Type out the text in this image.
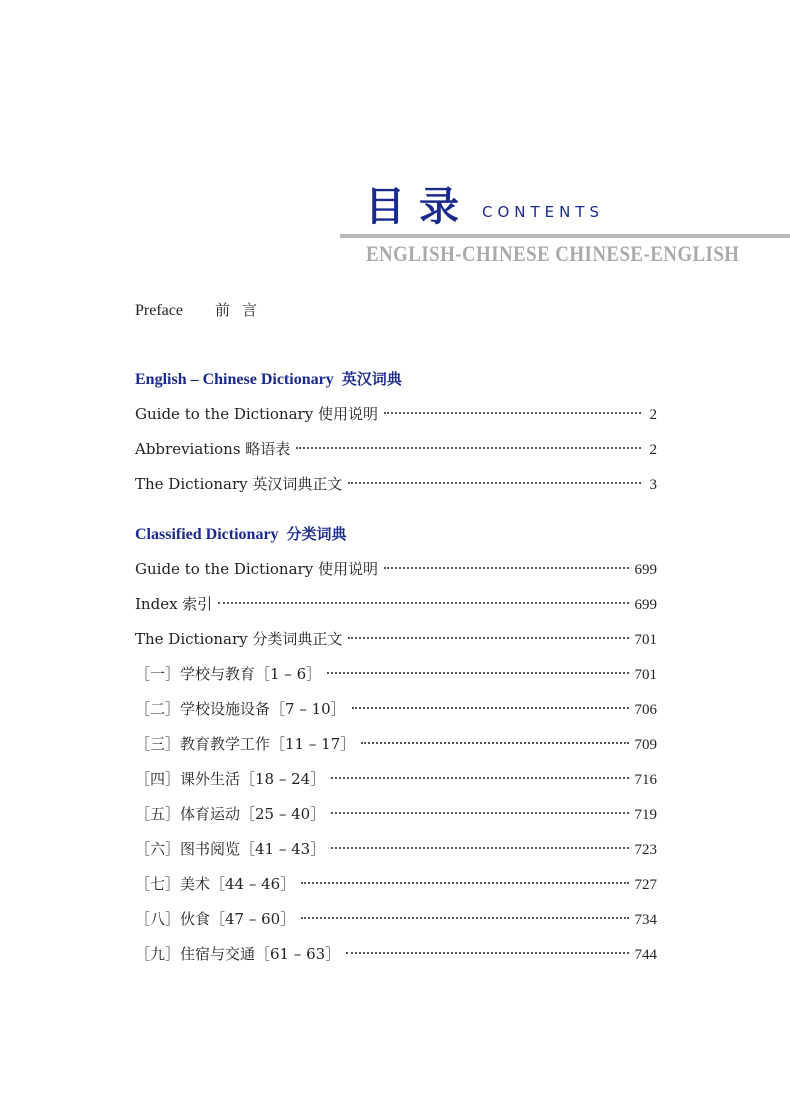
目录 CONTENTS
ENGLISH-CHINESE CHINESE-ENGLISH
Preface 前言
English – Chinese Dictionary 英汉词典
Guide to the Dictionary 使用说明	2
Abbreviations 略语表	2
The Dictionary 英汉词典正文	3
Classified Dictionary 分类词典
Guide to the Dictionary 使用说明	699
Index 索引	699
The Dictionary 分类词典正文	701
［一］学校与教育［1 – 6］	701
［二］学校设施设备［7 – 10］	706
［三］教育教学工作［11 – 17］	709
［四］课外生活［18 – 24］	716
［五］体育运动［25 – 40］	719
［六］图书阅览［41 – 43］	723
［七］美术［44 – 46］	727
［八］伙食［47 – 60］	734
［九］住宿与交通［61 – 63］	744
